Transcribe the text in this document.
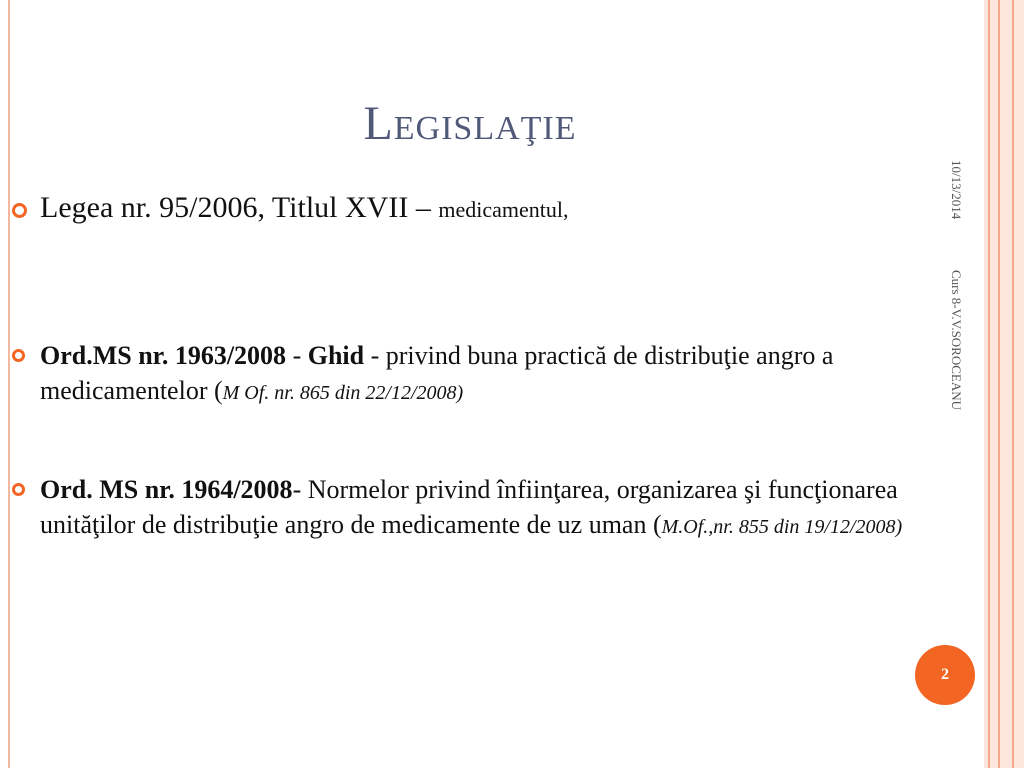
Legislaţie
Legea nr. 95/2006, Titlul XVII – medicamentul,
Ord.MS nr. 1963/2008 - Ghid - privind buna practică de distribuţie angro a medicamentelor (M Of. nr. 865 din 22/12/2008)
Ord. MS nr. 1964/2008- Normelor privind înfiinţarea, organizarea şi funcţionarea unităţilor de distribuţie angro de medicamente de uz uman (M.Of.,nr. 855 din 19/12/2008)
10/13/2014
Curs 8-V.V.SOROCEANU
2
